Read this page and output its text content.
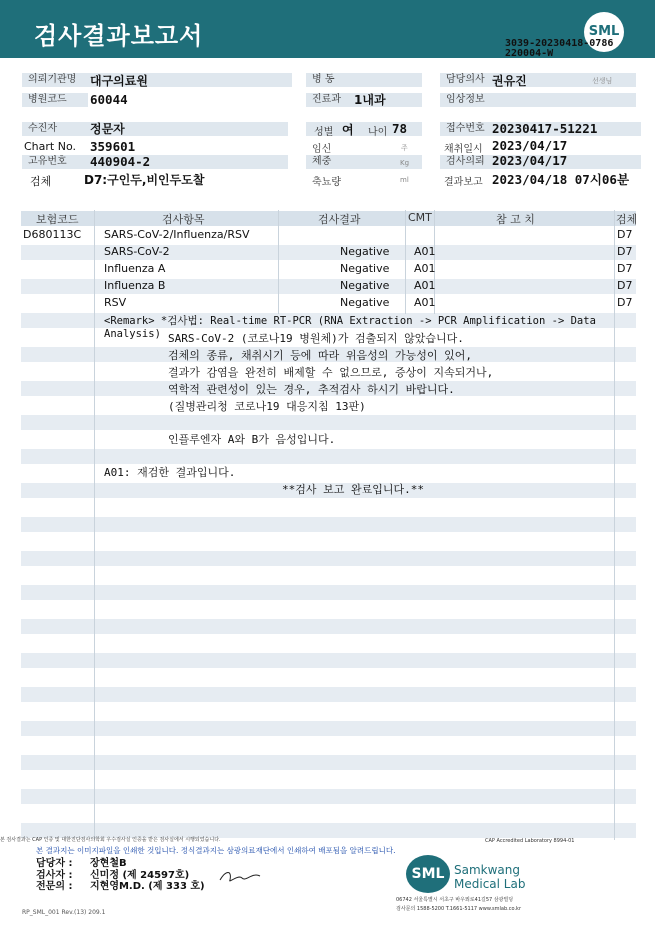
검사결과보고서	SML
3039-20230418-0786
220004-W
의뢰기관명	대구의료원
병원코드	60044
병 동
진료과	1내과
담당의사 권유진	선생님
임상정보
수진자	정문자
Chart No. 359601
고유번호	440904-2
검체	D7:구인두,비인두도찰
성별 여 나이 78
임신	주
체중	Kg
축뇨량	ml
접수번호 20230417-51221
채취일시 2023/04/17
검사의뢰 2023/04/17
결과보고 2023/04/18 07시06분
보험코드	검사항목	검사결과	CMT	참 고 치	검체
D680113C SARS-CoV-2/Influenza/RSV	D7
SARS-CoV-2	Negative A01	D7
Influenza A	Negative A01	D7
Influenza B	Negative A01	D7
RSV	Negative A01	D7
<Remark> *검사법: Real-time RT-PCR (RNA Extraction -> PCR Amplification -> Data Analysis) SARS-CoV-2 (코로나19 병원체)가 검출되지 않았습니다.
검체의 종류, 채취시기 등에 따라 위음성의 가능성이 있어,
결과가 감염을 완전히 배제할 수 없으므로, 증상이 지속되거나,
역학적 관련성이 있는 경우, 추적검사 하시기 바랍니다.
(질병관리청 코로나19 대응지침 13판)
인플루엔자 A와 B가 음성입니다.
A01: 재검한 결과입니다.
**검사 보고 완료입니다.**
본 검사결과는 CAP 인증 및 대한진단검사의학회 우수검사실 인증을 받은 검사실에서 시행되었습니다.	CAP Accredited Laboratory 8994-01
본 결과지는 이미지파일을 인쇄한 것입니다. 정식결과지는 삼광의료재단에서 인쇄하여 배포됨을 알려드립니다.
담당자 : 장현철B
검사자 : 신미정 (제 24597호)
전문의 : 지현영M.D. (제 333 호)
SML Samkwang
Medical Lab
06742 서울특별시 서초구 바우뫼로41길57 삼광빌딩
검사문의 1588-5200 T.1661-5117 www.smlab.co.kr
RP_SML_001 Rev.(13) 209.1
